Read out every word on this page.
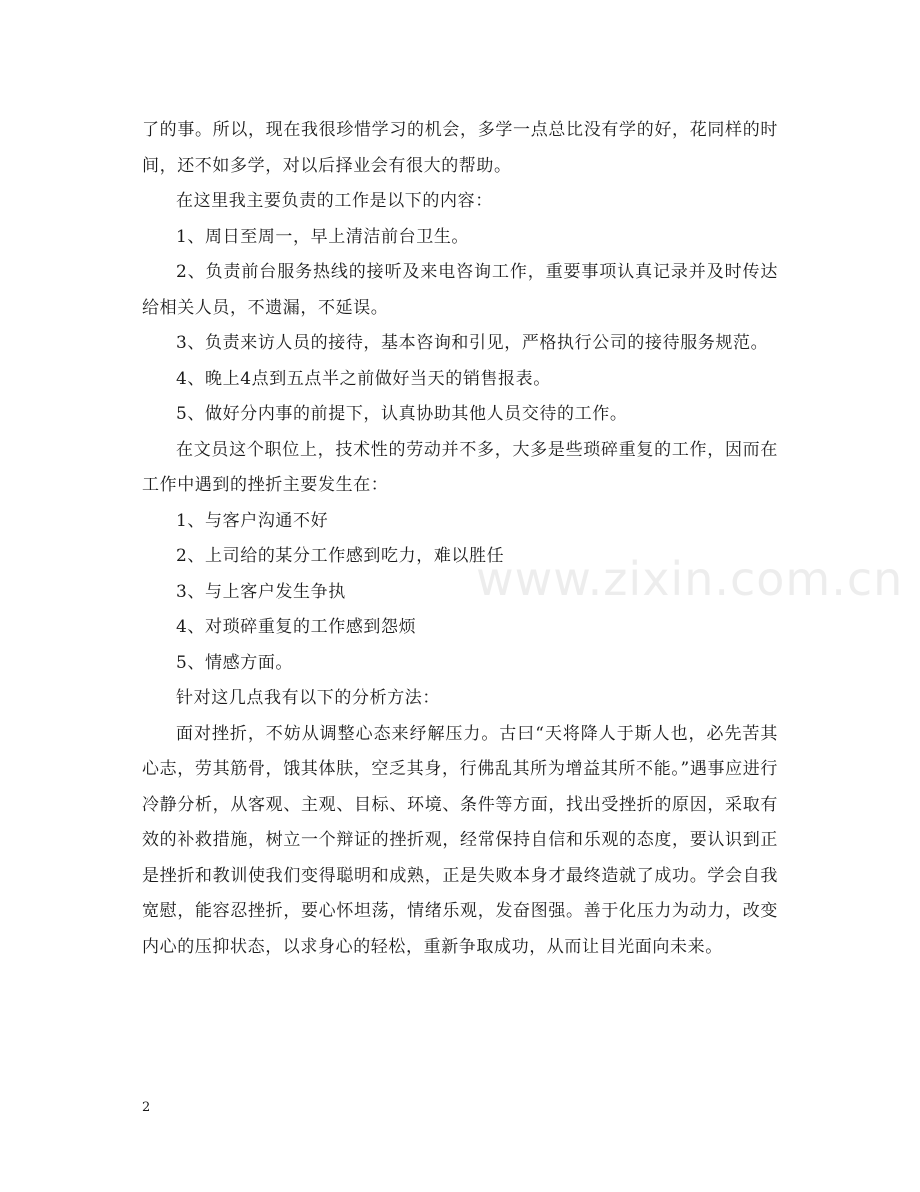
了的事。所以，现在我很珍惜学习的机会，多学一点总比没有学的好，花同样的时间，还不如多学，对以后择业会有很大的帮助。

在这里我主要负责的工作是以下的内容：

1、周日至周一，早上清洁前台卫生。

2、负责前台服务热线的接听及来电咨询工作，重要事项认真记录并及时传达给相关人员，不遗漏，不延误。

3、负责来访人员的接待，基本咨询和引见，严格执行公司的接待服务规范。

4、晚上4点到五点半之前做好当天的销售报表。

5、做好分内事的前提下，认真协助其他人员交待的工作。

在文员这个职位上，技术性的劳动并不多，大多是些琐碎重复的工作，因而在工作中遇到的挫折主要发生在：

1、与客户沟通不好

2、上司给的某分工作感到吃力，难以胜任

3、与上客户发生争执

4、对琐碎重复的工作感到怨烦

5、情感方面。

针对这几点我有以下的分析方法：

面对挫折，不妨从调整心态来纾解压力。古曰“天将降人于斯人也，必先苦其心志，劳其筋骨，饿其体肤，空乏其身，行佛乱其所为增益其所不能。”遇事应进行冷静分析，从客观、主观、目标、环境、条件等方面，找出受挫折的原因，采取有效的补救措施，树立一个辩证的挫折观，经常保持自信和乐观的态度，要认识到正是挫折和教训使我们变得聪明和成熟，正是失败本身才最终造就了成功。学会自我宽慰，能容忍挫折，要心怀坦荡，情绪乐观，发奋图强。善于化压力为动力，改变内心的压抑状态，以求身心的轻松，重新争取成功，从而让目光面向未来。

www.zixin.com.cn
2
